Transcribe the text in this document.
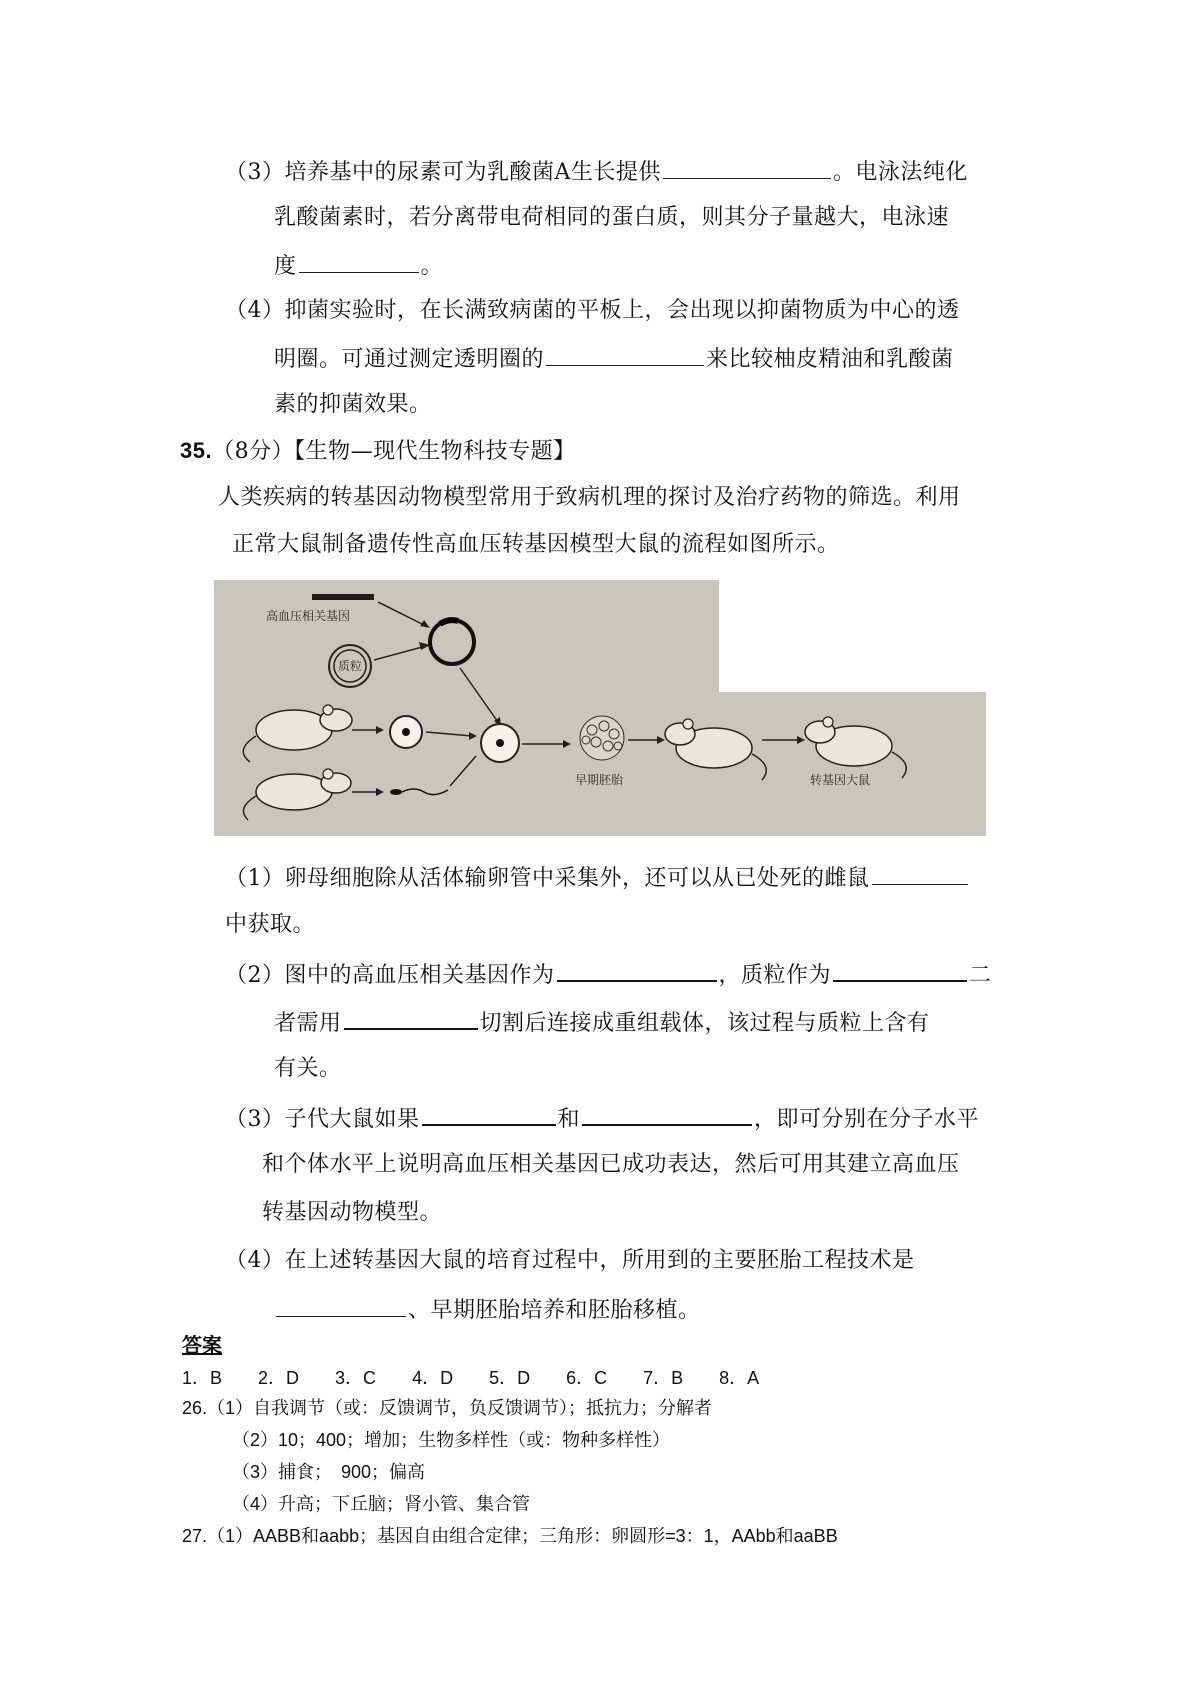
（3）培养基中的尿素可为乳酸菌A生长提供	。电泳法纯化
乳酸菌素时，若分离带电荷相同的蛋白质，则其分子量越大，电泳速
度	。
（4）抑菌实验时，在长满致病菌的平板上，会出现以抑菌物质为中心的透
明圈。可通过测定透明圈的	来比较柚皮精油和乳酸菌
素的抑菌效果。
35.（8分）【生物—现代生物科技专题】
人类疾病的转基因动物模型常用于致病机理的探讨及治疗药物的筛选。利用
正常大鼠制备遗传性高血压转基因模型大鼠的流程如图所示。
高血压相关基因
质粒
早期胚胎	转基因大鼠
（1）卵母细胞除从活体输卵管中采集外，还可以从已处死的雌鼠
中获取。
（2）图中的高血压相关基因作为	，质粒作为	二
者需用	切割后连接成重组载体，该过程与质粒上含有
有关。
（3）子代大鼠如果	和	，即可分别在分子水平
和个体水平上说明高血压相关基因已成功表达，然后可用其建立高血压
转基因动物模型。
（4）在上述转基因大鼠的培育过程中，所用到的主要胚胎工程技术是
、早期胚胎培养和胚胎移植。
答案
1．B 2．D 3．C 4．D 5．D 6．C 7．B 8．A
26.（1）自我调节（或：反馈调节，负反馈调节）；抵抗力；分解者
（2）10；400；增加；生物多样性（或：物种多样性）
（3）捕食；　900；偏高
（4）升高；下丘脑；肾小管、集合管
27.（1）AABB和aabb；基因自由组合定律；三角形：卵圆形=3：1，AAbb和aaBB
